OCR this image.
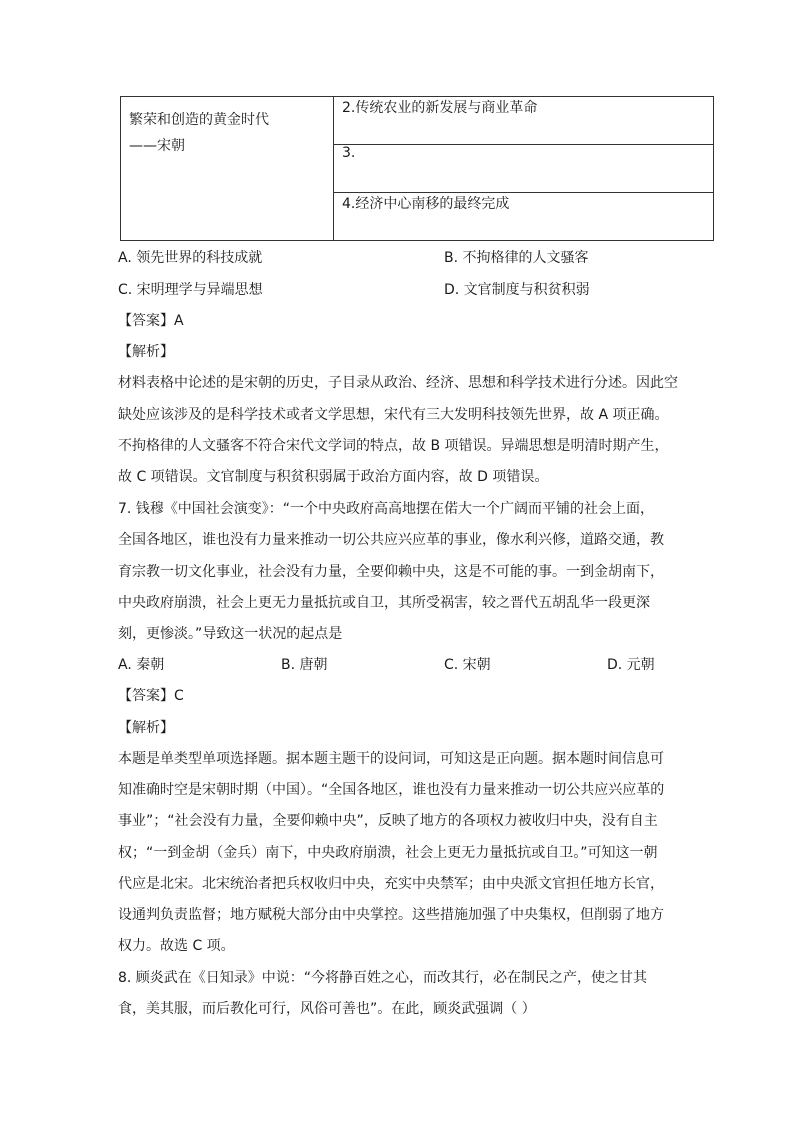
繁荣和创造的黄金时代
——宋朝
	2.传统农业的新发展与商业革命
3.
4.经济中心南移的最终完成
A. 领先世界的科技成就	B. 不拘格律的人文骚客
C. 宋明理学与异端思想	D. 文官制度与积贫积弱
【答案】A
【解析】
材料表格中论述的是宋朝的历史，子目录从政治、经济、思想和科学技术进行分述。因此空
缺处应该涉及的是科学技术或者文学思想，宋代有三大发明科技领先世界，故 A 项正确。
不拘格律的人文骚客不符合宋代文学词的特点，故 B 项错误。异端思想是明清时期产生，
故 C 项错误。文官制度与积贫积弱属于政治方面内容，故 D 项错误。
7. 钱穆《中国社会演变》：“一个中央政府高高地摆在偌大一个广阔而平铺的社会上面，
全国各地区，谁也没有力量来推动一切公共应兴应革的事业，像水利兴修，道路交通，教
育宗教一切文化事业，社会没有力量，全要仰赖中央，这是不可能的事。一到金胡南下，
中央政府崩溃，社会上更无力量抵抗或自卫，其所受祸害，较之晋代五胡乱华一段更深
刻，更惨淡。”导致这一状况的起点是
A. 秦朝	B. 唐朝	C. 宋朝	D. 元朝
【答案】C
【解析】
本题是单类型单项选择题。据本题主题干的设问词，可知这是正向题。据本题时间信息可
知准确时空是宋朝时期（中国）。“全国各地区，谁也没有力量来推动一切公共应兴应革的
事业”；“社会没有力量，全要仰赖中央”，反映了地方的各项权力被收归中央，没有自主
权；“一到金胡（金兵）南下，中央政府崩溃，社会上更无力量抵抗或自卫。”可知这一朝
代应是北宋。北宋统治者把兵权收归中央，充实中央禁军；由中央派文官担任地方长官，
设通判负责监督；地方赋税大部分由中央掌控。这些措施加强了中央集权，但削弱了地方
权力。故选 C 项。
8. 顾炎武在《日知录》中说：“今将静百姓之心，而改其行，必在制民之产，使之甘其
食，美其服，而后教化可行，风俗可善也”。在此，顾炎武强调（ ）
